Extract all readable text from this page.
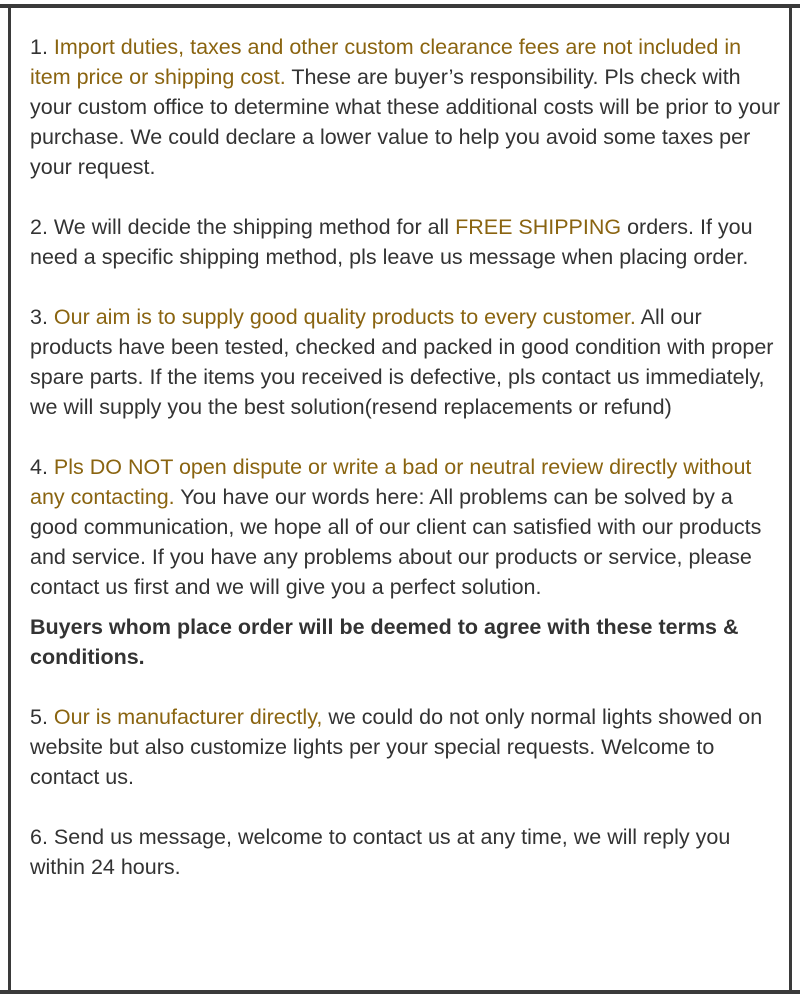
1. Import duties, taxes and other custom clearance fees are not included in item price or shipping cost. These are buyer’s responsibility. Pls check with your custom office to determine what these additional costs will be prior to your purchase. We could declare a lower value to help you avoid some taxes per your request.

2. We will decide the shipping method for all FREE SHIPPING orders. If you need a specific shipping method, pls leave us message when placing order.

3. Our aim is to supply good quality products to every customer. All our products have been tested, checked and packed in good condition with proper spare parts. If the items you received is defective, pls contact us immediately, we will supply you the best solution(resend replacements or refund)

4. Pls DO NOT open dispute or write a bad or neutral review directly without any contacting. You have our words here: All problems can be solved by a good communication, we hope all of our client can satisfied with our products and service. If you have any problems about our products or service, please contact us first and we will give you a perfect solution.

Buyers whom place order will be deemed to agree with these terms & conditions.

5. Our is manufacturer directly, we could do not only normal lights showed on website but also customize lights per your special requests. Welcome to contact us.

6. Send us message, welcome to contact us at any time, we will reply you within 24 hours.
